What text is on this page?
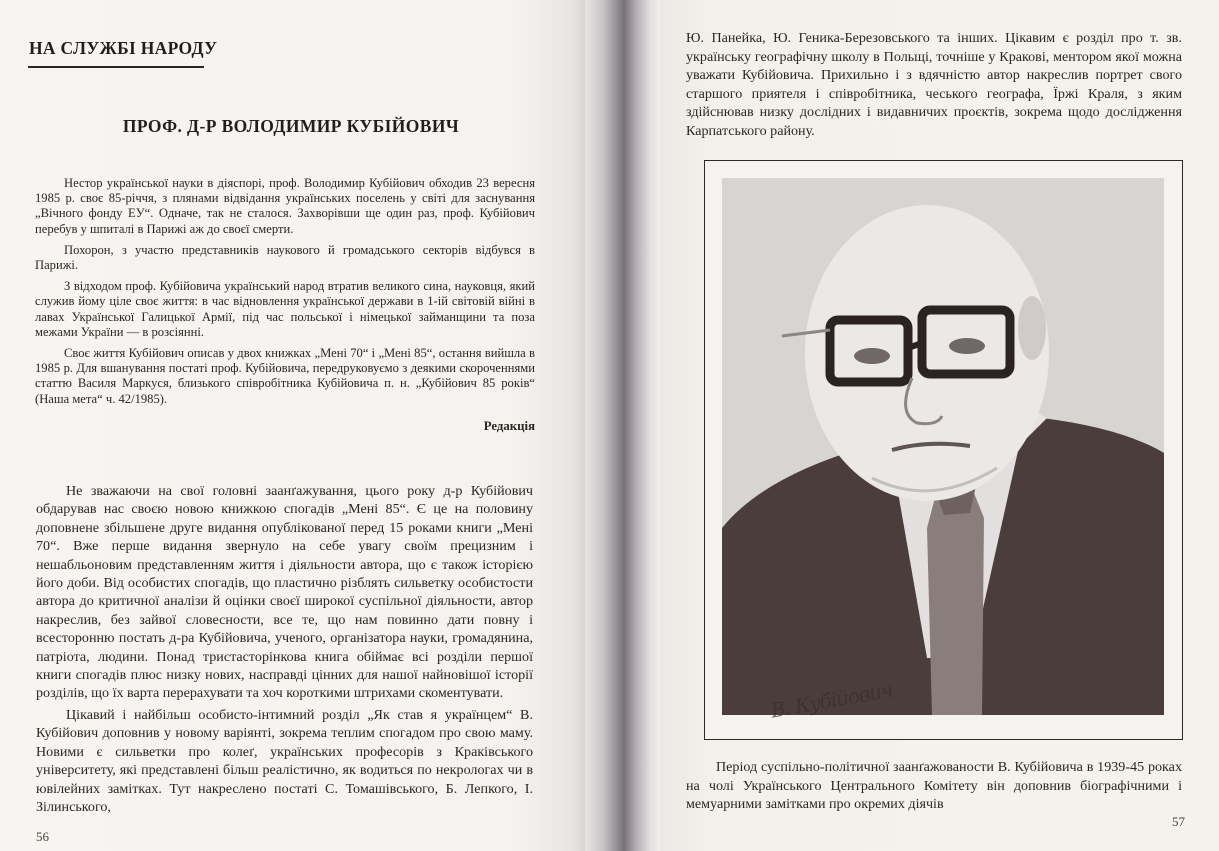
НА СЛУЖБІ НАРОДУ
ПРОФ. Д-Р ВОЛОДИМИР КУБІЙОВИЧ

Нестор української науки в діяспорі, проф. Володимир Кубійович обходив 23 вересня 1985 р. своє 85-річчя, з плянами відвідання українських поселень у світі для заснування „Вічного фонду ЕУ“. Одначе, так не сталося. Захворівши ще один раз, проф. Кубійович перебув у шпиталі в Парижі аж до своєї смерти.

Похорон, з участю представників наукового й громадського секторів відбувся в Парижі.

З відходом проф. Кубійовича український народ втратив великого сина, науковця, який служив йому ціле своє життя: в час відновлення української держави в 1-ій світовій війні в лавах Української Галицької Армії, під час польської і німецької займанщини та поза межами України — в розсіянні.

Своє життя Кубійович описав у двох книжках „Мені 70“ і „Мені 85“, остання вийшла в 1985 р. Для вшанування постаті проф. Кубійовича, передруковуємо з деякими скороченнями статтю Василя Маркуся, близького співробітника Кубійовича п. н. „Кубійович 85 років“ (Наша мета“ ч. 42/1985).

Редакція

Не зважаючи на свої головні заанґажування, цього року д-р Кубійович обдарував нас своєю новою книжкою спогадів „Мені 85“. Є це на половину доповнене збільшене друге видання опублікованої перед 15 роками книги „Мені 70“. Вже перше видання звернуло на себе увагу своїм прецизним і нешабльоновим представленням життя і діяльности автора, що є також історією його доби. Від особистих спогадів, що пластично різблять сильветку особистости автора до критичної аналізи й оцінки своєї широкої суспільної діяльности, автор накреслив, без зайвої словесности, все те, що нам повинно дати повну і всесторонню постать д-ра Кубійовича, ученого, організатора науки, громадянина, патріота, людини. Понад тристасторінкова книга обіймає всі розділи першої книги спогадів плюс низку нових, насправді цінних для нашої найновішої історії розділів, що їх варта перерахувати та хоч короткими штрихами скоментувати.

Цікавий і найбільш особисто-інтимний розділ „Як став я українцем“ В. Кубійович доповнив у новому варіянті, зокрема теплим спогадом про свою маму. Новими є сильветки про колеґ, українських професорів з Краківського університету, які представлені більш реалістично, як водиться по некрологах чи в ювілейних замітках. Тут накреслено постаті С. Томашівського, Б. Лепкого, І. Зілинського,

56

Ю. Панейка, Ю. Геника-Березовського та інших. Цікавим є розділ про т. зв. українську географічну школу в Польщі, точніше у Кракові, ментором якої можна уважати Кубійовича. Прихильно і з вдячністю автор накреслив портрет свого старшого приятеля і співробітника, чеського географа, Їржі Краля, з яким здійснював низку дослідних і видавничих проєктів, зокрема щодо дослідження Карпатського району.

В. Кубійович

Період суспільно-політичної заанґажованости В. Кубійовича в 1939-45 роках на чолі Українського Центрального Комітету він доповнив біографічними і мемуарними замітками про окремих діячів

57
